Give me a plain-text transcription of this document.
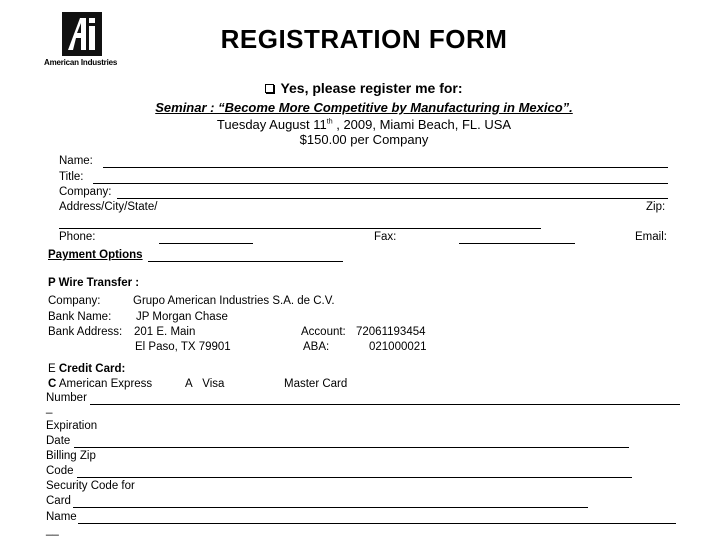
American Industries
REGISTRATION FORM
Yes, please register me for:
Seminar : “Become More Competitive by Manufacturing in Mexico”.
Tuesday August 11th , 2009, Miami Beach, FL. USA
$150.00 per Company
Name:
Title:
Company:
Address/City/State/	Zip:
Phone:	Fax:	Email:
Payment Options
P Wire Transfer :
Company:	Grupo American Industries S.A. de C.V.
Bank Name: JP Morgan Chase
Bank Address: 201 E. Main	Account: 72061193454
El Paso, TX 79901	ABA:	021000021
E Credit Card:
C American Express	A Visa	Master Card
Number
_
Expiration
Date
Billing Zip
Code
Security Code for
Card
Name
__
